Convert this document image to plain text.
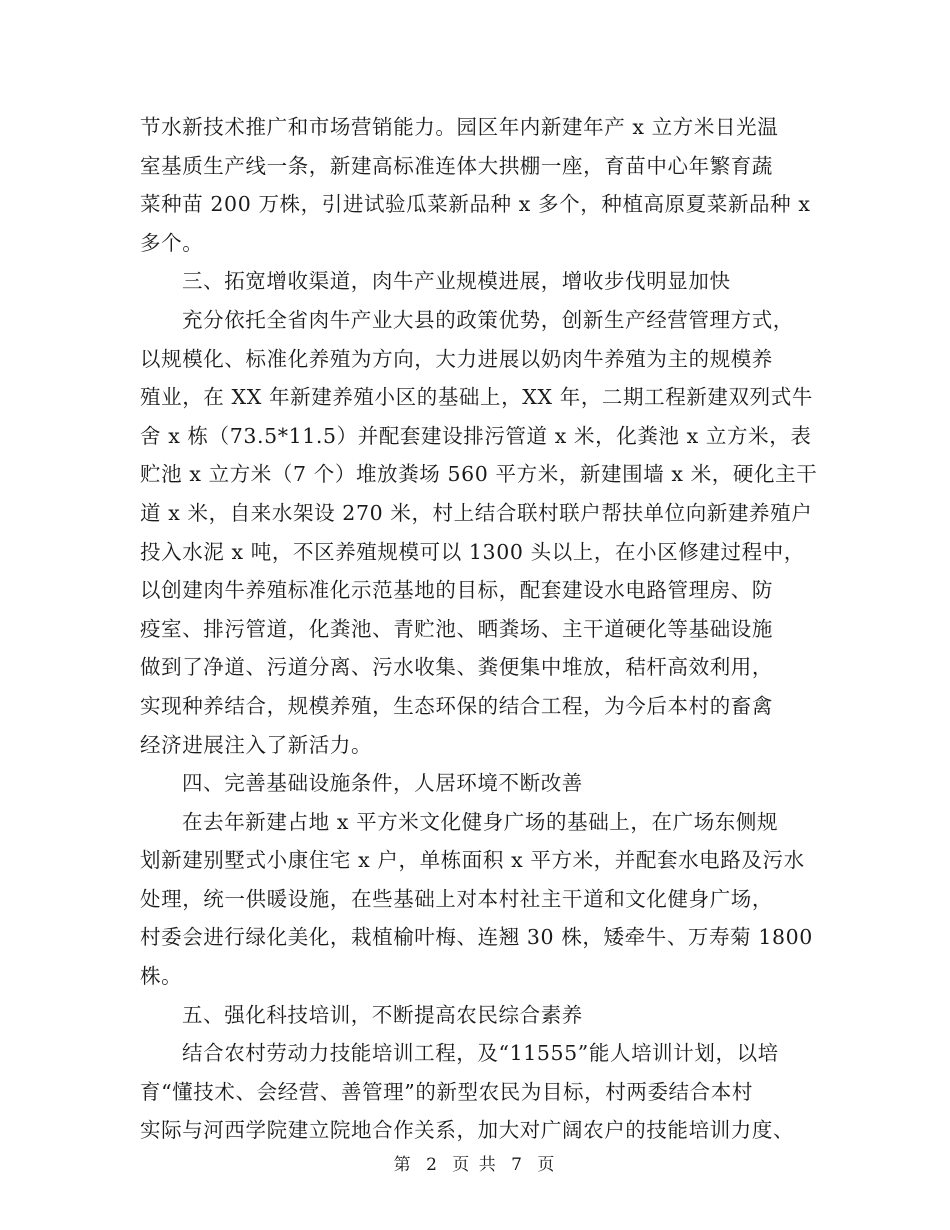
节水新技术推广和市场营销能力。园区年内新建年产 x 立方米日光温
室基质生产线一条，新建高标准连体大拱棚一座，育苗中心年繁育蔬
菜种苗 200 万株，引进试验瓜菜新品种 x 多个，种植高原夏菜新品种 x
多个。
三、拓宽增收渠道，肉牛产业规模进展，增收步伐明显加快
充分依托全省肉牛产业大县的政策优势，创新生产经营管理方式，
以规模化、标准化养殖为方向，大力进展以奶肉牛养殖为主的规模养
殖业，在 XX 年新建养殖小区的基础上，XX 年，二期工程新建双列式牛
舍 x 栋（73.5*11.5）并配套建设排污管道 x 米，化粪池 x 立方米，表
贮池 x 立方米（7 个）堆放粪场 560 平方米，新建围墙 x 米，硬化主干
道 x 米，自来水架设 270 米，村上结合联村联户帮扶单位向新建养殖户
投入水泥 x 吨，不区养殖规模可以 1300 头以上，在小区修建过程中，
以创建肉牛养殖标准化示范基地的目标，配套建设水电路管理房、防
疫室、排污管道，化粪池、青贮池、晒粪场、主干道硬化等基础设施
做到了净道、污道分离、污水收集、粪便集中堆放，秸杆高效利用，
实现种养结合，规模养殖，生态环保的结合工程，为今后本村的畜禽
经济进展注入了新活力。
四、完善基础设施条件，人居环境不断改善
在去年新建占地 x 平方米文化健身广场的基础上，在广场东侧规
划新建别墅式小康住宅 x 户，单栋面积 x 平方米，并配套水电路及污水
处理，统一供暖设施，在些基础上对本村社主干道和文化健身广场，
村委会进行绿化美化，栽植榆叶梅、连翘 30 株，矮牵牛、万寿菊 1800
株。
五、强化科技培训，不断提高农民综合素养
结合农村劳动力技能培训工程，及“11555”能人培训计划，以培
育“懂技术、会经营、善管理”的新型农民为目标，村两委结合本村
实际与河西学院建立院地合作关系，加大对广阔农户的技能培训力度、
第 2 页 共 7 页
